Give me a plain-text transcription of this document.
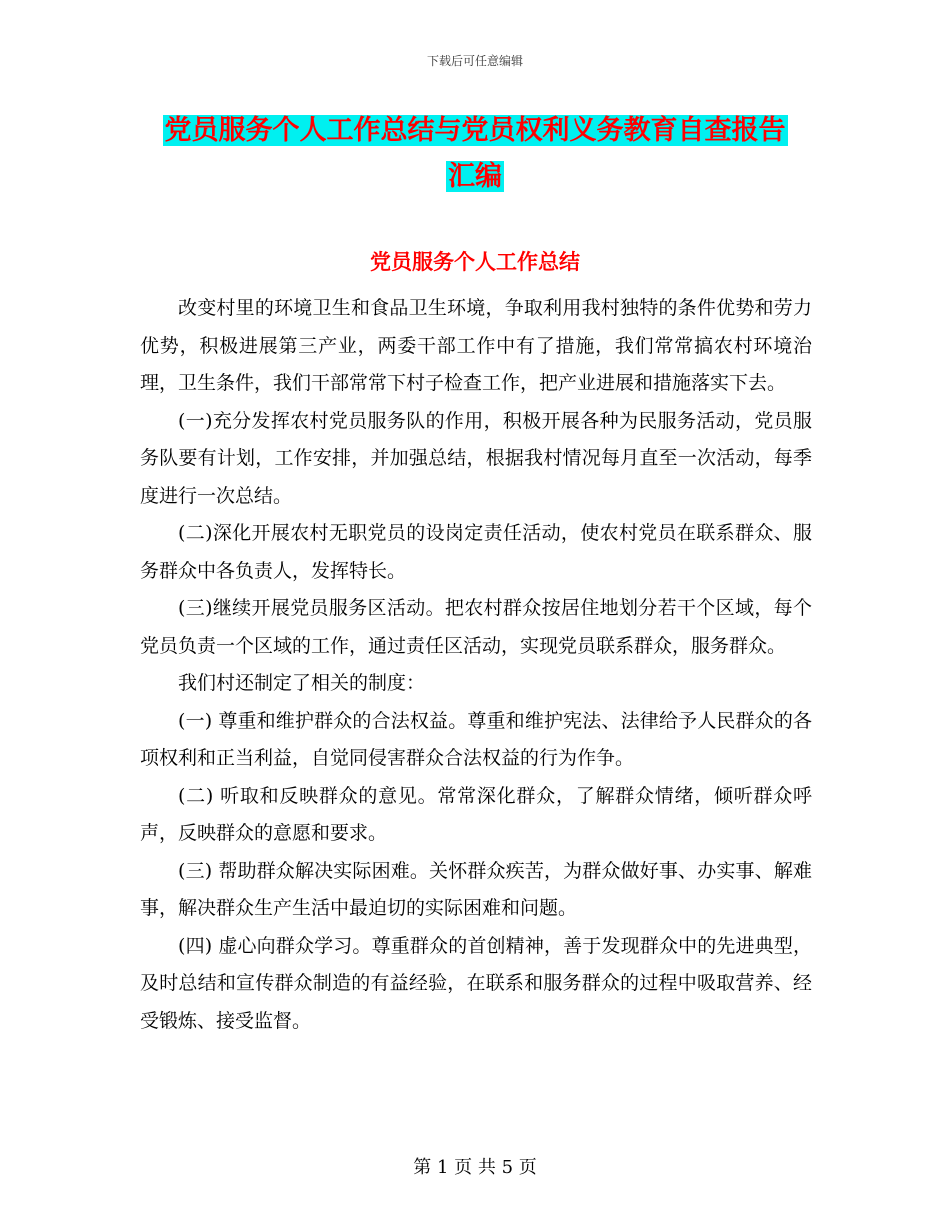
下载后可任意编辑
党员服务个人工作总结与党员权利义务教育自查报告
汇编
党员服务个人工作总结

改变村里的环境卫生和食品卫生环境，争取利用我村独特的条件优势和劳力优势，积极进展第三产业，两委干部工作中有了措施，我们常常搞农村环境治理，卫生条件，我们干部常常下村子检查工作，把产业进展和措施落实下去。

(一)充分发挥农村党员服务队的作用，积极开展各种为民服务活动，党员服务队要有计划，工作安排，并加强总结，根据我村情况每月直至一次活动，每季度进行一次总结。

(二)深化开展农村无职党员的设岗定责任活动，使农村党员在联系群众、服务群众中各负责人，发挥特长。

(三)继续开展党员服务区活动。把农村群众按居住地划分若干个区域，每个党员负责一个区域的工作，通过责任区活动，实现党员联系群众，服务群众。

我们村还制定了相关的制度：

(一) 尊重和维护群众的合法权益。尊重和维护宪法、法律给予人民群众的各项权利和正当利益，自觉同侵害群众合法权益的行为作争。

(二) 听取和反映群众的意见。常常深化群众，了解群众情绪，倾听群众呼声，反映群众的意愿和要求。

(三) 帮助群众解决实际困难。关怀群众疾苦，为群众做好事、办实事、解难事，解决群众生产生活中最迫切的实际困难和问题。

(四) 虚心向群众学习。尊重群众的首创精神，善于发现群众中的先进典型，及时总结和宣传群众制造的有益经验，在联系和服务群众的过程中吸取营养、经受锻炼、接受监督。

第 1 页 共 5 页
